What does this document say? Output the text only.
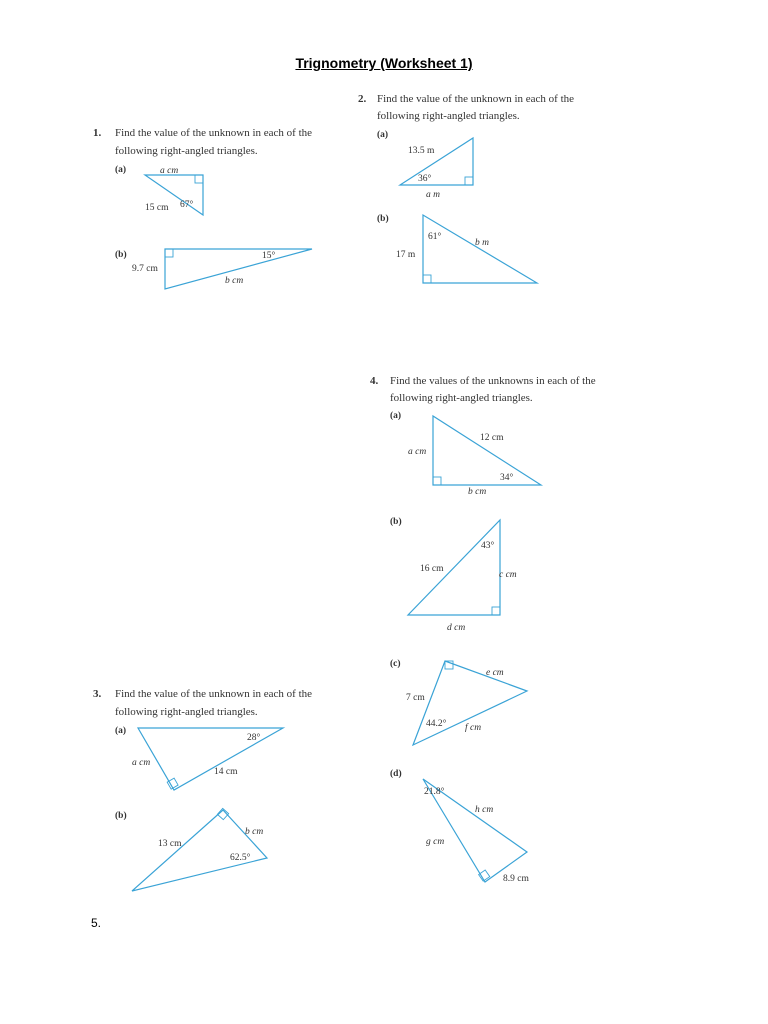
Trignometry (Worksheet 1)
1. Find the value of the unknown in each of the
following right-angled triangles.
(a)	a cm
15 cm 67°
(b)
9.7 cm
15°
b cm
2. Find the value of the unknown in each of the
following right-angled triangles.
(a)
13.5 m
36°
a m
(b)
61°
b m
17 m
4. Find the values of the unknowns in each of the
following right-angled triangles.
(a)
12 cm
a cm
34°
b cm
(b)
43°
16 cm
c cm
d cm
(c)
e cm
7 cm
44.2° f cm
(d)
21.8°
h cm
g cm
8.9 cm
3. Find the value of the unknown in each of the
following right-angled triangles.
(a)
28°
a cm
14 cm
(b)
b cm
13 cm
62.5°
5.
